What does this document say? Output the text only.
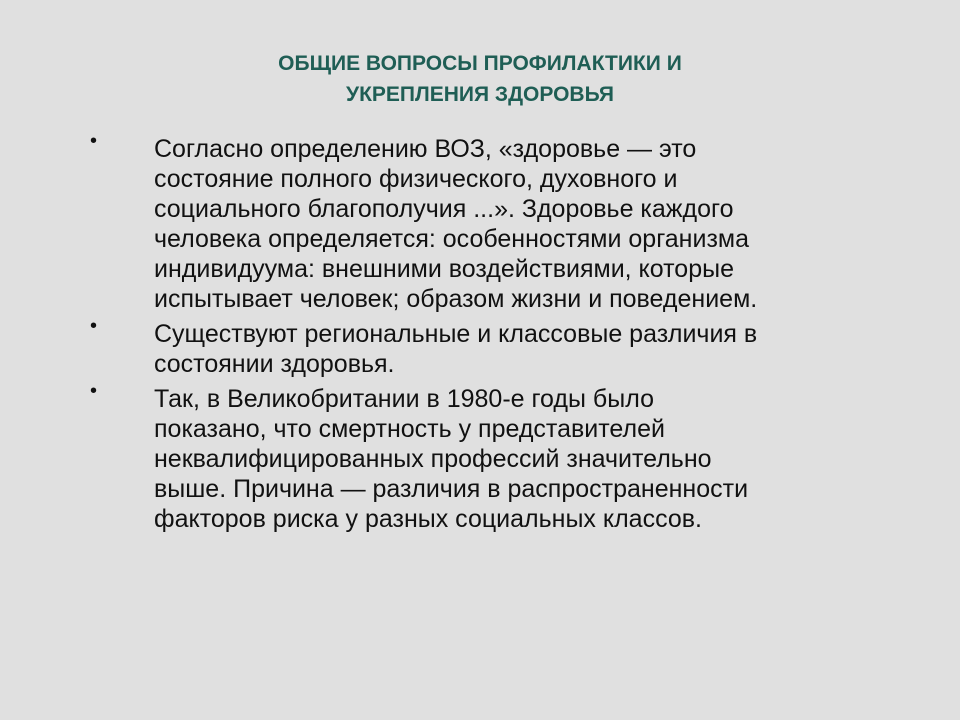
ОБЩИЕ ВОПРОСЫ ПРОФИЛАКТИКИ И
УКРЕПЛЕНИЯ ЗДОРОВЬЯ
• Согласно определению ВОЗ, «здоровье — это
состояние полного физического, духовного и
социального благополучия ...». Здоровье каждого
человека определяется: особенностями организма
индивидуума: внешними воздействиями, которые
испытывает человек; образом жизни и поведением.
• Существуют региональные и классовые различия в
состоянии здоровья.
• Так, в Великобритании в 1980-е годы было
показано, что смертность у представителей
неквалифицированных профессий значительно
выше. Причина — различия в распространенности
факторов риска у разных социальных классов.
